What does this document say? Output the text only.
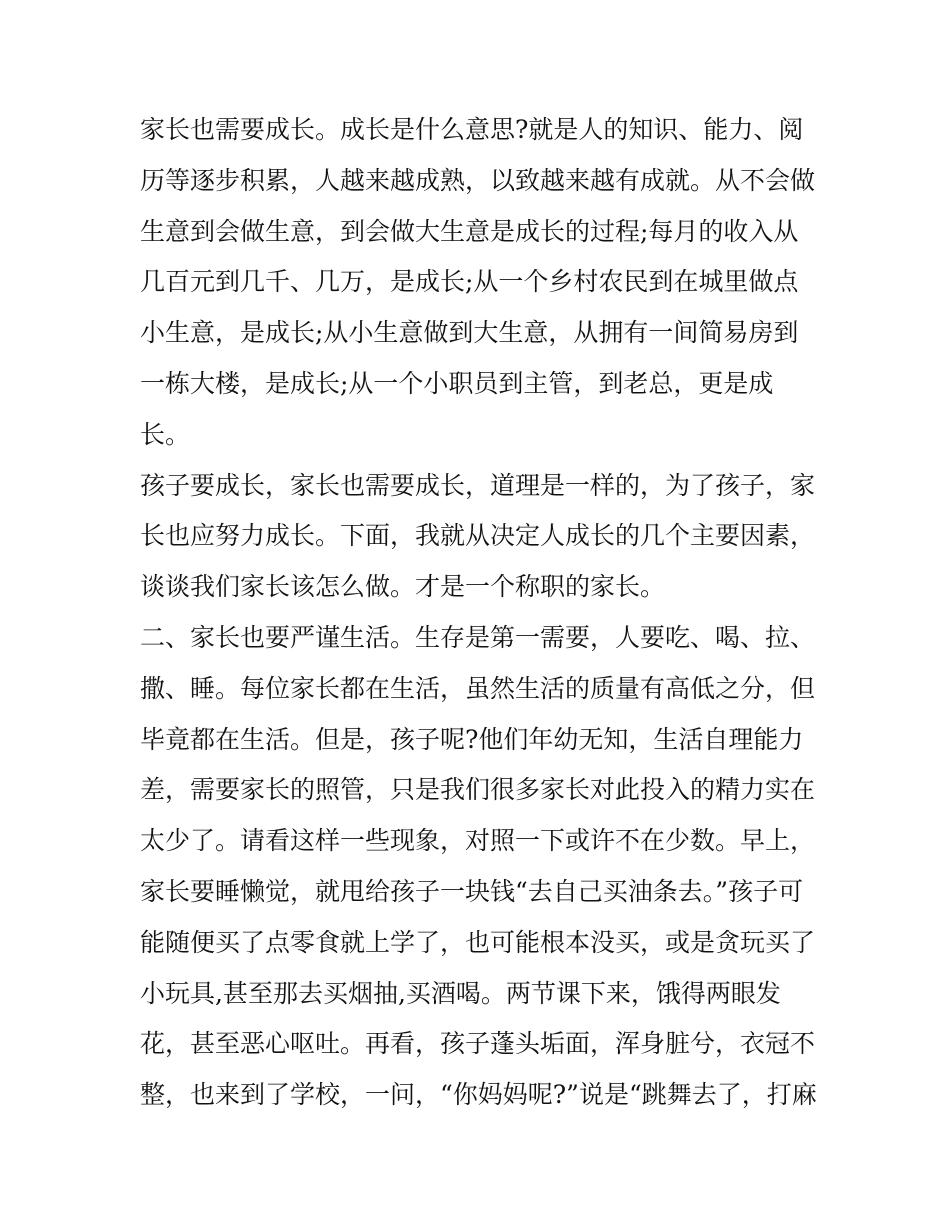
家长也需要成长。成长是什么意思?就是人的知识、能力、阅
历等逐步积累，人越来越成熟，以致越来越有成就。从不会做
生意到会做生意，到会做大生意是成长的过程;每月的收入从
几百元到几千、几万，是成长;从一个乡村农民到在城里做点
小生意，是成长;从小生意做到大生意，从拥有一间简易房到
一栋大楼，是成长;从一个小职员到主管，到老总，更是成
长。
孩子要成长，家长也需要成长，道理是一样的，为了孩子，家
长也应努力成长。下面，我就从决定人成长的几个主要因素，
谈谈我们家长该怎么做。才是一个称职的家长。
二、家长也要严谨生活。生存是第一需要，人要吃、喝、拉、
撒、睡。每位家长都在生活，虽然生活的质量有高低之分，但
毕竟都在生活。但是，孩子呢?他们年幼无知，生活自理能力
差，需要家长的照管，只是我们很多家长对此投入的精力实在
太少了。请看这样一些现象，对照一下或许不在少数。早上，
家长要睡懒觉，就甩给孩子一块钱“去自己买油条去。”孩子可
能随便买了点零食就上学了，也可能根本没买，或是贪玩买了
小玩具,甚至那去买烟抽,买酒喝。两节课下来，饿得两眼发
花，甚至恶心呕吐。再看，孩子蓬头垢面，浑身脏兮，衣冠不
整，也来到了学校，一问，“你妈妈呢?”说是“跳舞去了，打麻
